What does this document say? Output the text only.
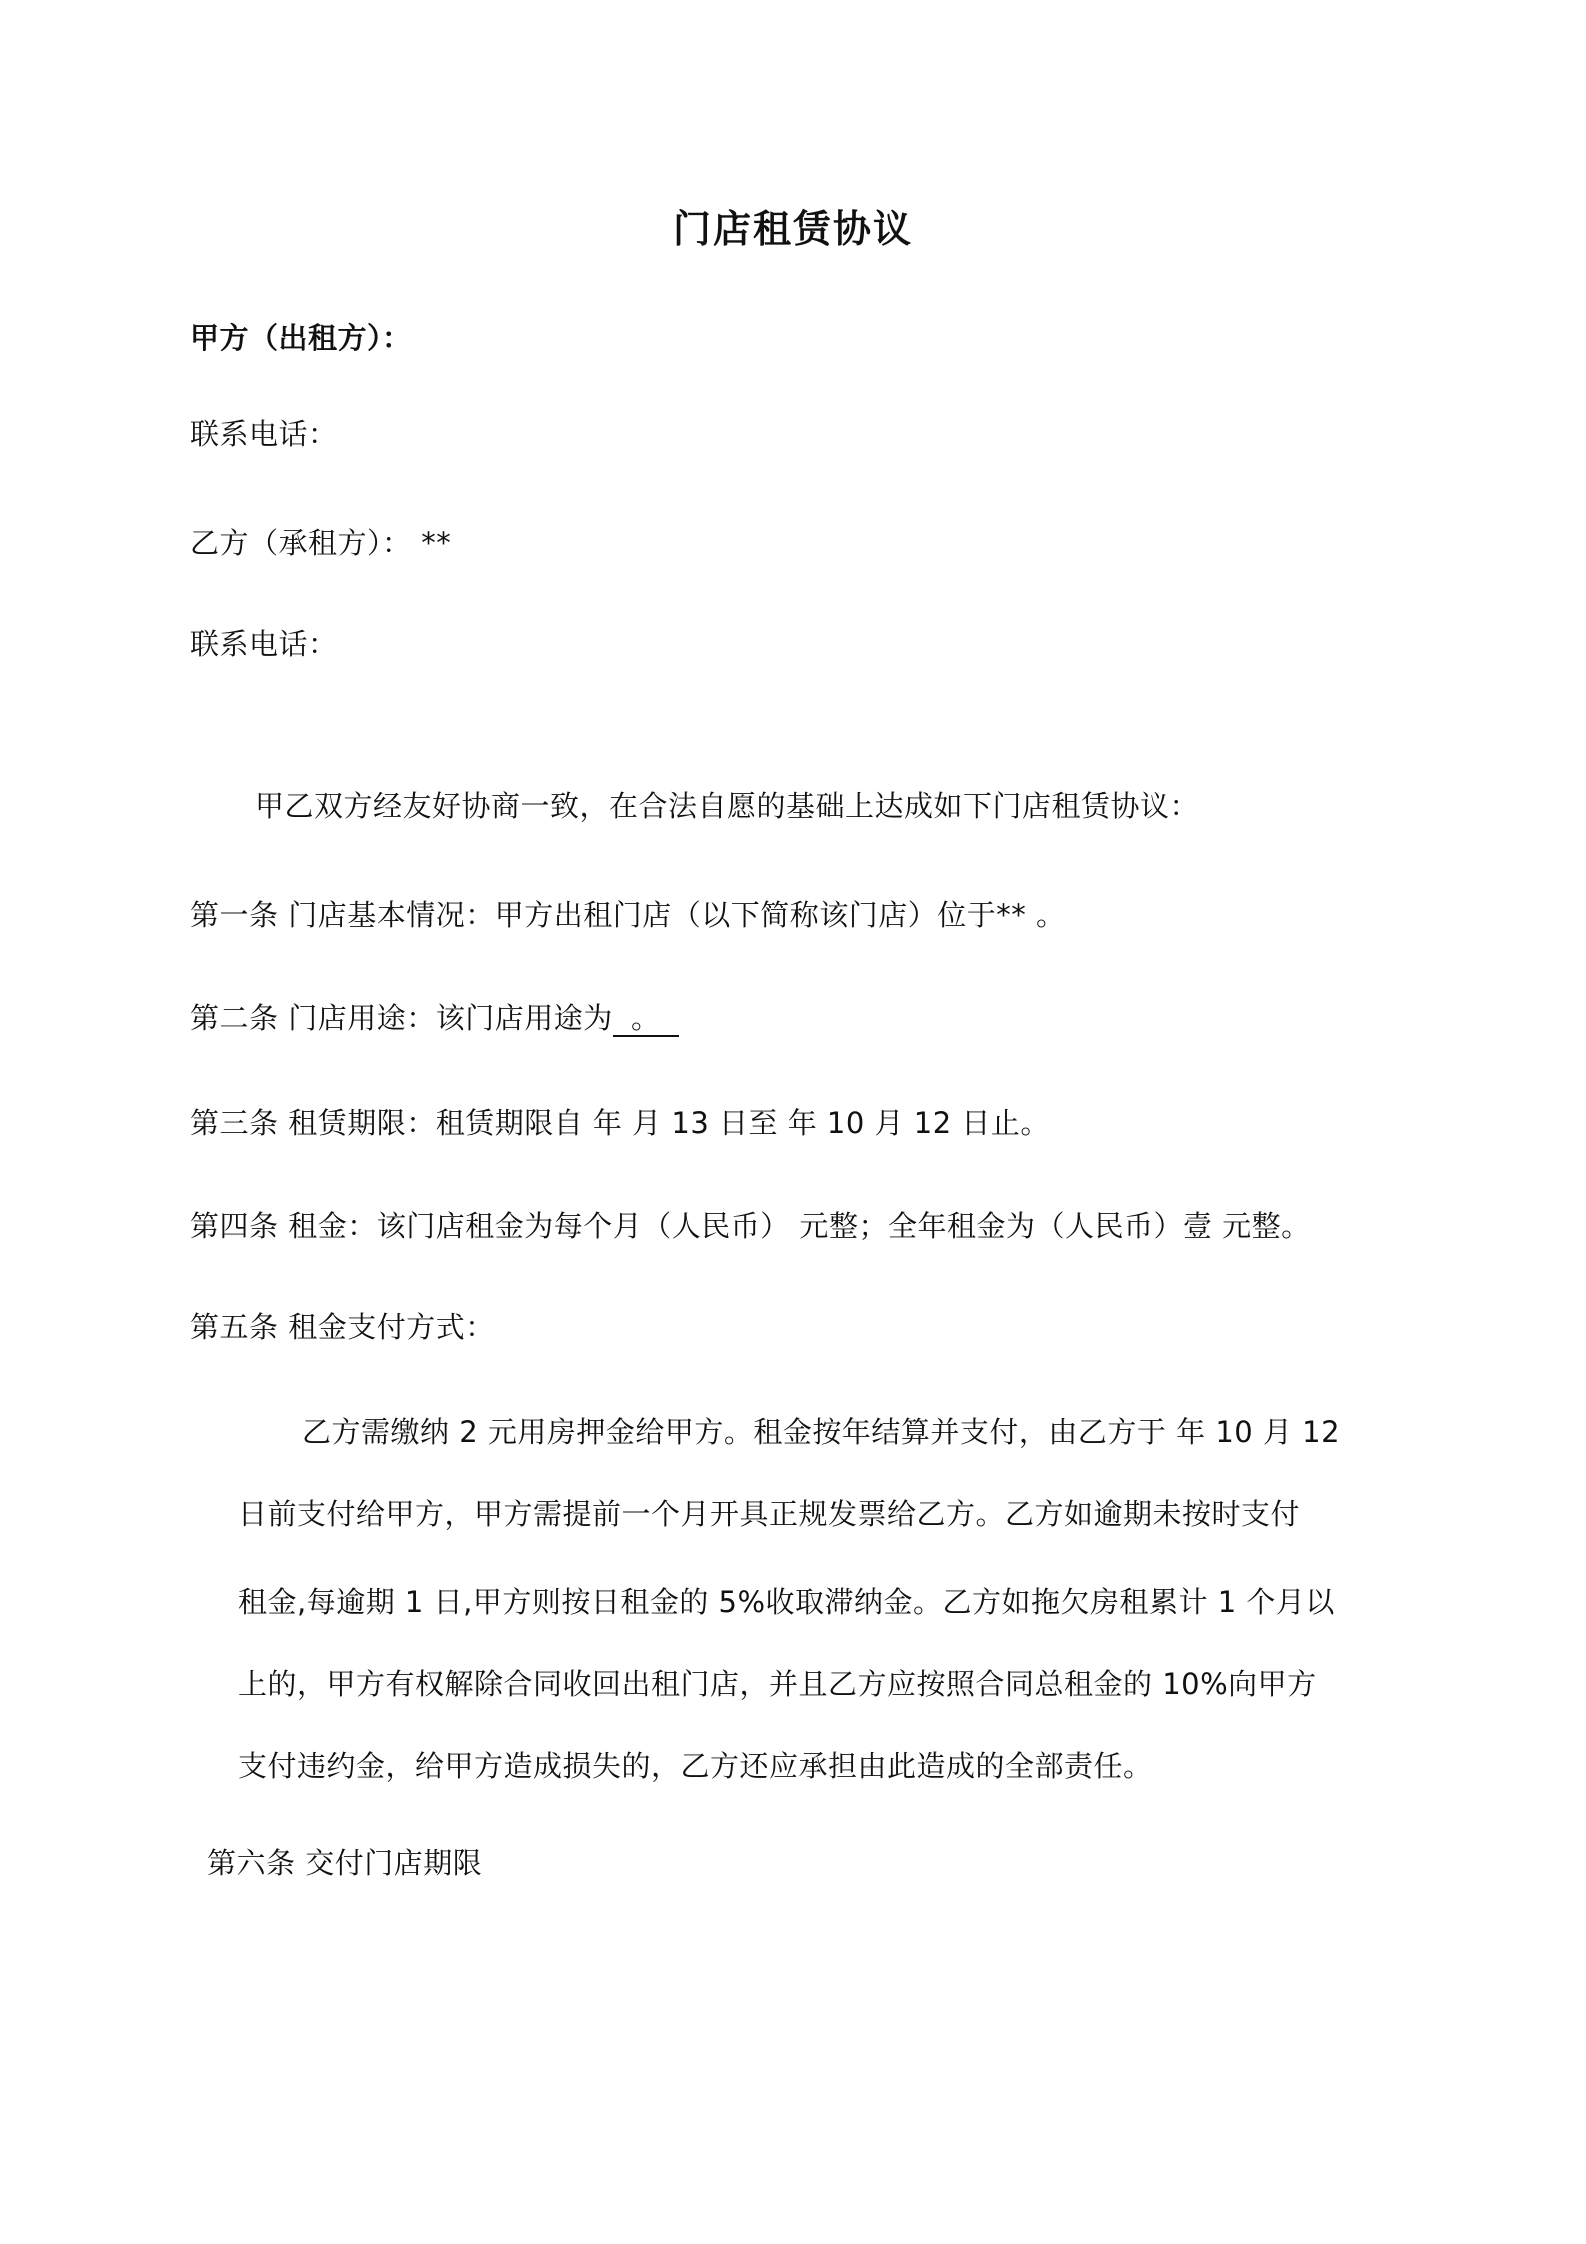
门店租赁协议
甲方（出租方）：
联系电话：
乙方（承租方）： **
联系电话：
甲乙双方经友好协商一致，在合法自愿的基础上达成如下门店租赁协议：
第一条 门店基本情况：甲方出租门店（以下简称该门店）位于** 。
第二条 门店用途：该门店用途为 。
第三条 租赁期限：租赁期限自 年 月 13 日至 年 10 月 12 日止。
第四条 租金：该门店租金为每个月（人民币） 元整；全年租金为（人民币）壹 元整。
第五条 租金支付方式：
乙方需缴纳 2 元用房押金给甲方。租金按年结算并支付，由乙方于 年 10 月 12
日前支付给甲方，甲方需提前一个月开具正规发票给乙方。乙方如逾期未按时支付
租金,每逾期 1 日,甲方则按日租金的 5%收取滞纳金。乙方如拖欠房租累计 1 个月以
上的，甲方有权解除合同收回出租门店，并且乙方应按照合同总租金的 10%向甲方
支付违约金，给甲方造成损失的，乙方还应承担由此造成的全部责任。
第六条 交付门店期限
